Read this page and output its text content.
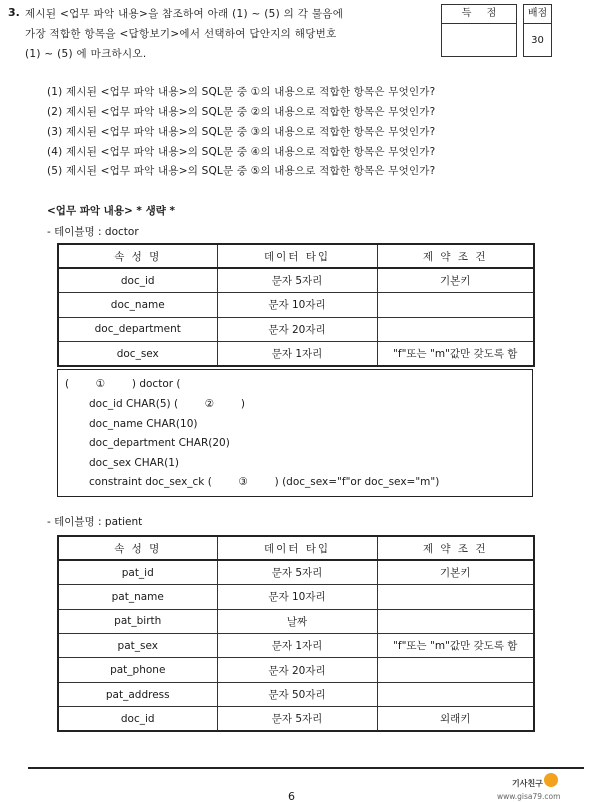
3. 제시된 <업무 파악 내용>을 참조하여 아래 (1) ~ (5) 의 각 물음에
가장 적합한 항목을 <답항보기>에서 선택하여 답안지의 해당번호
(1) ~ (5) 에 마크하시오.
득 점	배점
30
(1) 제시된 <업무 파악 내용>의 SQL문 중 ①의 내용으로 적합한 항목은 무엇인가?
(2) 제시된 <업무 파악 내용>의 SQL문 중 ②의 내용으로 적합한 항목은 무엇인가?
(3) 제시된 <업무 파악 내용>의 SQL문 중 ③의 내용으로 적합한 항목은 무엇인가?
(4) 제시된 <업무 파악 내용>의 SQL문 중 ④의 내용으로 적합한 항목은 무엇인가?
(5) 제시된 <업무 파악 내용>의 SQL문 중 ⑤의 내용으로 적합한 항목은 무엇인가?
<업무 파악 내용> * 생략 *
- 테이블명 : doctor
속 성 명	데이터 타입	제 약 조 건
doc_id	문자 5자리	기본키
doc_name	문자 10자리	
doc_department	문자 20자리	
doc_sex	문자 1자리	"f"또는 "m"값만 갖도록 함
(        ①        ) doctor (
doc_id CHAR(5) (        ②        )
doc_name CHAR(10)
doc_department CHAR(20)
doc_sex CHAR(1)
constraint doc_sex_ck (        ③        ) (doc_sex="f"or doc_sex="m")
- 테이블명 : patient
속 성 명	데이터 타입	제 약 조 건
pat_id	문자 5자리	기본키
pat_name	문자 10자리	
pat_birth	날짜	
pat_sex	문자 1자리	"f"또는 "m"값만 갖도록 함
pat_phone	문자 20자리	
pat_address	문자 50자리	
doc_id	문자 5자리	외래키
6
기사친구
www.gisa79.com
